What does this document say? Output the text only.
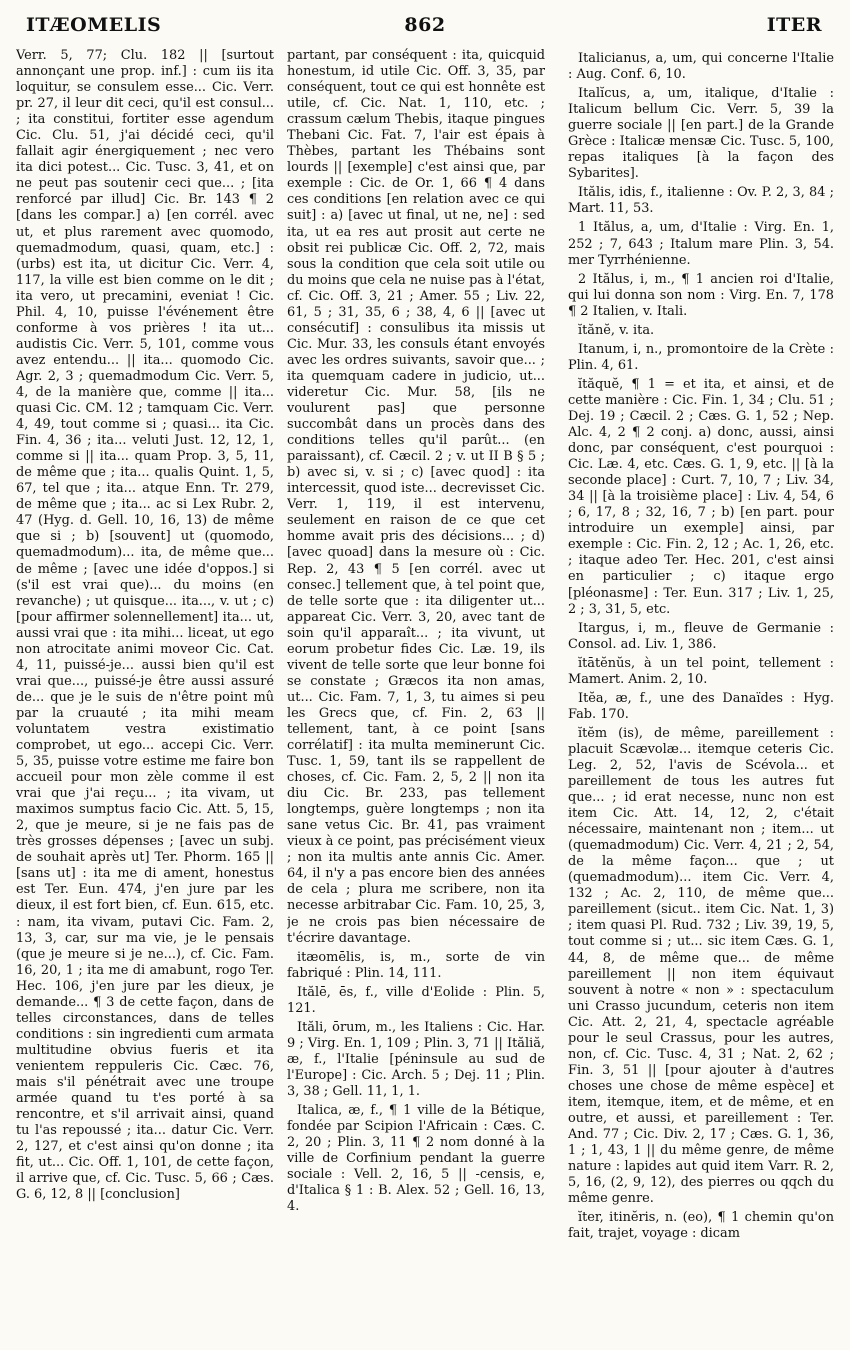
ITÆOMELIS	862	ITER

Verr. 5, 77; Clu. 182 || [surtout annonçant une prop. inf.] : cum iis ita loquitur, se consulem esse... Cic. Verr. pr. 27, il leur dit ceci, qu'il est consul... ; ita constitui, fortiter esse agendum Cic. Clu. 51, j'ai décidé ceci, qu'il fallait agir énergiquement ; nec vero ita dici potest... Cic. Tusc. 3, 41, et on ne peut pas soutenir ceci que... ; [ita renforcé par illud] Cic. Br. 143 ¶ 2 [dans les compar.] a) [en corrél. avec ut, et plus rarement avec quomodo, quemadmodum, quasi, quam, etc.] : (urbs) est ita, ut dicitur Cic. Verr. 4, 117, la ville est bien comme on le dit ; ita vero, ut precamini, eveniat ! Cic. Phil. 4, 10, puisse l'événement être conforme à vos prières ! ita ut... audistis Cic. Verr. 5, 101, comme vous avez entendu... || ita... quomodo Cic. Agr. 2, 3 ; quemadmodum Cic. Verr. 5, 4, de la manière que, comme || ita... quasi Cic. CM. 12 ; tamquam Cic. Verr. 4, 49, tout comme si ; quasi... ita Cic. Fin. 4, 36 ; ita... veluti Just. 12, 12, 1, comme si || ita... quam Prop. 3, 5, 11, de même que ; ita... qualis Quint. 1, 5, 67, tel que ; ita... atque Enn. Tr. 279, de même que ; ita... ac si Lex Rubr. 2, 47 (Hyg. d. Gell. 10, 16, 13) de même que si ; b) [souvent] ut (quomodo, quemadmodum)... ita, de même que... de même ; [avec une idée d'oppos.] si (s'il est vrai que)... du moins (en revanche) ; ut quisque... ita..., v. ut ; c) [pour affirmer solennellement] ita... ut, aussi vrai que : ita mihi... liceat, ut ego non atrocitate animi moveor Cic. Cat. 4, 11, puissé-je... aussi bien qu'il est vrai que..., puissé-je être aussi assuré de... que je le suis de n'être point mû par la cruauté ; ita mihi meam voluntatem vestra existimatio comprobet, ut ego... accepi Cic. Verr. 5, 35, puisse votre estime me faire bon accueil pour mon zèle comme il est vrai que j'ai reçu... ; ita vivam, ut maximos sumptus facio Cic. Att. 5, 15, 2, que je meure, si je ne fais pas de très grosses dépenses ; [avec un subj. de souhait après ut] Ter. Phorm. 165 || [sans ut] : ita me di ament, honestus est Ter. Eun. 474, j'en jure par les dieux, il est fort bien, cf. Eun. 615, etc. : nam, ita vivam, putavi Cic. Fam. 2, 13, 3, car, sur ma vie, je le pensais (que je meure si je ne...), cf. Cic. Fam. 16, 20, 1 ; ita me di amabunt, rogo Ter. Hec. 106, j'en jure par les dieux, je demande... ¶ 3 de cette façon, dans de telles circonstances, dans de telles conditions : sin ingredienti cum armata multitudine obvius fueris et ita venientem reppuleris Cic. Cæc. 76, mais s'il pénétrait avec une troupe armée quand tu t'es porté à sa rencontre, et s'il arrivait ainsi, quand tu l'as repoussé ; ita... datur Cic. Verr. 2, 127, et c'est ainsi qu'on donne ; ita fit, ut... Cic. Off. 1, 101, de cette façon, il arrive que, cf. Cic. Tusc. 5, 66 ; Cæs. G. 6, 12, 8 || [conclusion]

partant, par conséquent : ita, quicquid honestum, id utile Cic. Off. 3, 35, par conséquent, tout ce qui est honnête est utile, cf. Cic. Nat. 1, 110, etc. ; crassum cælum Thebis, itaque pingues Thebani Cic. Fat. 7, l'air est épais à Thèbes, partant les Thébains sont lourds || [exemple] c'est ainsi que, par exemple : Cic. de Or. 1, 66 ¶ 4 dans ces conditions [en relation avec ce qui suit] : a) [avec ut final, ut ne, ne] : sed ita, ut ea res aut prosit aut certe ne obsit rei publicæ Cic. Off. 2, 72, mais sous la condition que cela soit utile ou du moins que cela ne nuise pas à l'état, cf. Cic. Off. 3, 21 ; Amer. 55 ; Liv. 22, 61, 5 ; 31, 35, 6 ; 38, 4, 6 || [avec ut consécutif] : consulibus ita missis ut Cic. Mur. 33, les consuls étant envoyés avec les ordres suivants, savoir que... ; ita quemquam cadere in judicio, ut... videretur Cic. Mur. 58, [ils ne voulurent pas] que personne succombât dans un procès dans des conditions telles qu'il parût... (en paraissant), cf. Cæcil. 2 ; v. ut II B § 5 ; b) avec si, v. si ; c) [avec quod] : ita intercessit, quod iste... decrevisset Cic. Verr. 1, 119, il est intervenu, seulement en raison de ce que cet homme avait pris des décisions... ; d) [avec quoad] dans la mesure où : Cic. Rep. 2, 43 ¶ 5 [en corrél. avec ut consec.] tellement que, à tel point que, de telle sorte que : ita diligenter ut... appareat Cic. Verr. 3, 20, avec tant de soin qu'il apparaît... ; ita vivunt, ut eorum probetur fides Cic. Læ. 19, ils vivent de telle sorte que leur bonne foi se constate ; Græcos ita non amas, ut... Cic. Fam. 7, 1, 3, tu aimes si peu les Grecs que, cf. Fin. 2, 63 || tellement, tant, à ce point [sans corrélatif] : ita multa meminerunt Cic. Tusc. 1, 59, tant ils se rappellent de choses, cf. Cic. Fam. 2, 5, 2 || non ita diu Cic. Br. 233, pas tellement longtemps, guère longtemps ; non ita sane vetus Cic. Br. 41, pas vraiment vieux à ce point, pas précisément vieux ; non ita multis ante annis Cic. Amer. 64, il n'y a pas encore bien des années de cela ; plura me scribere, non ita necesse arbitrabar Cic. Fam. 10, 25, 3, je ne crois pas bien nécessaire de t'écrire davantage.

itæomēlis, is, m., sorte de vin fabriqué : Plin. 14, 111.

Itălē, ēs, f., ville d'Eolide : Plin. 5, 121.

Ităli, ōrum, m., les Italiens : Cic. Har. 9 ; Virg. En. 1, 109 ; Plin. 3, 71 || Ităliă, æ, f., l'Italie [péninsule au sud de l'Europe] : Cic. Arch. 5 ; Dej. 11 ; Plin. 3, 38 ; Gell. 11, 1, 1.

Italica, æ, f., ¶ 1 ville de la Bétique, fondée par Scipion l'Africain : Cæs. C. 2, 20 ; Plin. 3, 11 ¶ 2 nom donné à la ville de Corfinium pendant la guerre sociale : Vell. 2, 16, 5 || -censis, e, d'Italica § 1 : B. Alex. 52 ; Gell. 16, 13, 4.

Italicianus, a, um, qui concerne l'Italie : Aug. Conf. 6, 10.

Italĭcus, a, um, italique, d'Italie : Italicum bellum Cic. Verr. 5, 39 la guerre sociale || [en part.] de la Grande Grèce : Italicæ mensæ Cic. Tusc. 5, 100, repas italiques [à la façon des Sybarites].

Itălis, idis, f., italienne : Ov. P. 2, 3, 84 ; Mart. 11, 53.

1 Itălus, a, um, d'Italie : Virg. En. 1, 252 ; 7, 643 ; Italum mare Plin. 3, 54. mer Tyrrhénienne.

2 Itălus, i, m., ¶ 1 ancien roi d'Italie, qui lui donna son nom : Virg. En. 7, 178 ¶ 2 Italien, v. Itali.

ĭtănĕ, v. ita.

Itanum, i, n., promontoire de la Crète : Plin. 4, 61.

ĭtăquĕ, ¶ 1 = et ita, et ainsi, et de cette manière : Cic. Fin. 1, 34 ; Clu. 51 ; Dej. 19 ; Cæcil. 2 ; Cæs. G. 1, 52 ; Nep. Alc. 4, 2 ¶ 2 conj. a) donc, aussi, ainsi donc, par conséquent, c'est pourquoi : Cic. Læ. 4, etc. Cæs. G. 1, 9, etc. || [à la seconde place] : Curt. 7, 10, 7 ; Liv. 34, 34 || [à la troisième place] : Liv. 4, 54, 6 ; 6, 17, 8 ; 32, 16, 7 ; b) [en part. pour introduire un exemple] ainsi, par exemple : Cic. Fin. 2, 12 ; Ac. 1, 26, etc. ; itaque adeo Ter. Hec. 201, c'est ainsi en particulier ; c) itaque ergo [pléonasme] : Ter. Eun. 317 ; Liv. 1, 25, 2 ; 3, 31, 5, etc.

Itargus, i, m., fleuve de Germanie : Consol. ad. Liv. 1, 386.

ĭtātĕnŭs, à un tel point, tellement : Mamert. Anim. 2, 10.

Itĕa, æ, f., une des Danaïdes : Hyg. Fab. 170.

ĭtĕm (is), de même, pareillement : placuit Scævolæ... itemque ceteris Cic. Leg. 2, 52, l'avis de Scévola... et pareillement de tous les autres fut que... ; id erat necesse, nunc non est item Cic. Att. 14, 12, 2, c'était nécessaire, maintenant non ; item... ut (quemadmodum) Cic. Verr. 4, 21 ; 2, 54, de la même façon... que ; ut (quemadmodum)... item Cic. Verr. 4, 132 ; Ac. 2, 110, de même que... pareillement (sicut.. item Cic. Nat. 1, 3) ; item quasi Pl. Rud. 732 ; Liv. 39, 19, 5, tout comme si ; ut... sic item Cæs. G. 1, 44, 8, de même que... de même pareillement || non item équivaut souvent à notre « non » : spectaculum uni Crasso jucundum, ceteris non item Cic. Att. 2, 21, 4, spectacle agréable pour le seul Crassus, pour les autres, non, cf. Cic. Tusc. 4, 31 ; Nat. 2, 62 ; Fin. 3, 51 || [pour ajouter à d'autres choses une chose de même espèce] et item, itemque, item, et de même, et en outre, et aussi, et pareillement : Ter. And. 77 ; Cic. Div. 2, 17 ; Cæs. G. 1, 36, 1 ; 1, 43, 1 || du même genre, de même nature : lapides aut quid item Varr. R. 2, 5, 16, (2, 9, 12), des pierres ou qqch du même genre.

ĭter, itinĕris, n. (eo), ¶ 1 chemin qu'on fait, trajet, voyage : dicam
